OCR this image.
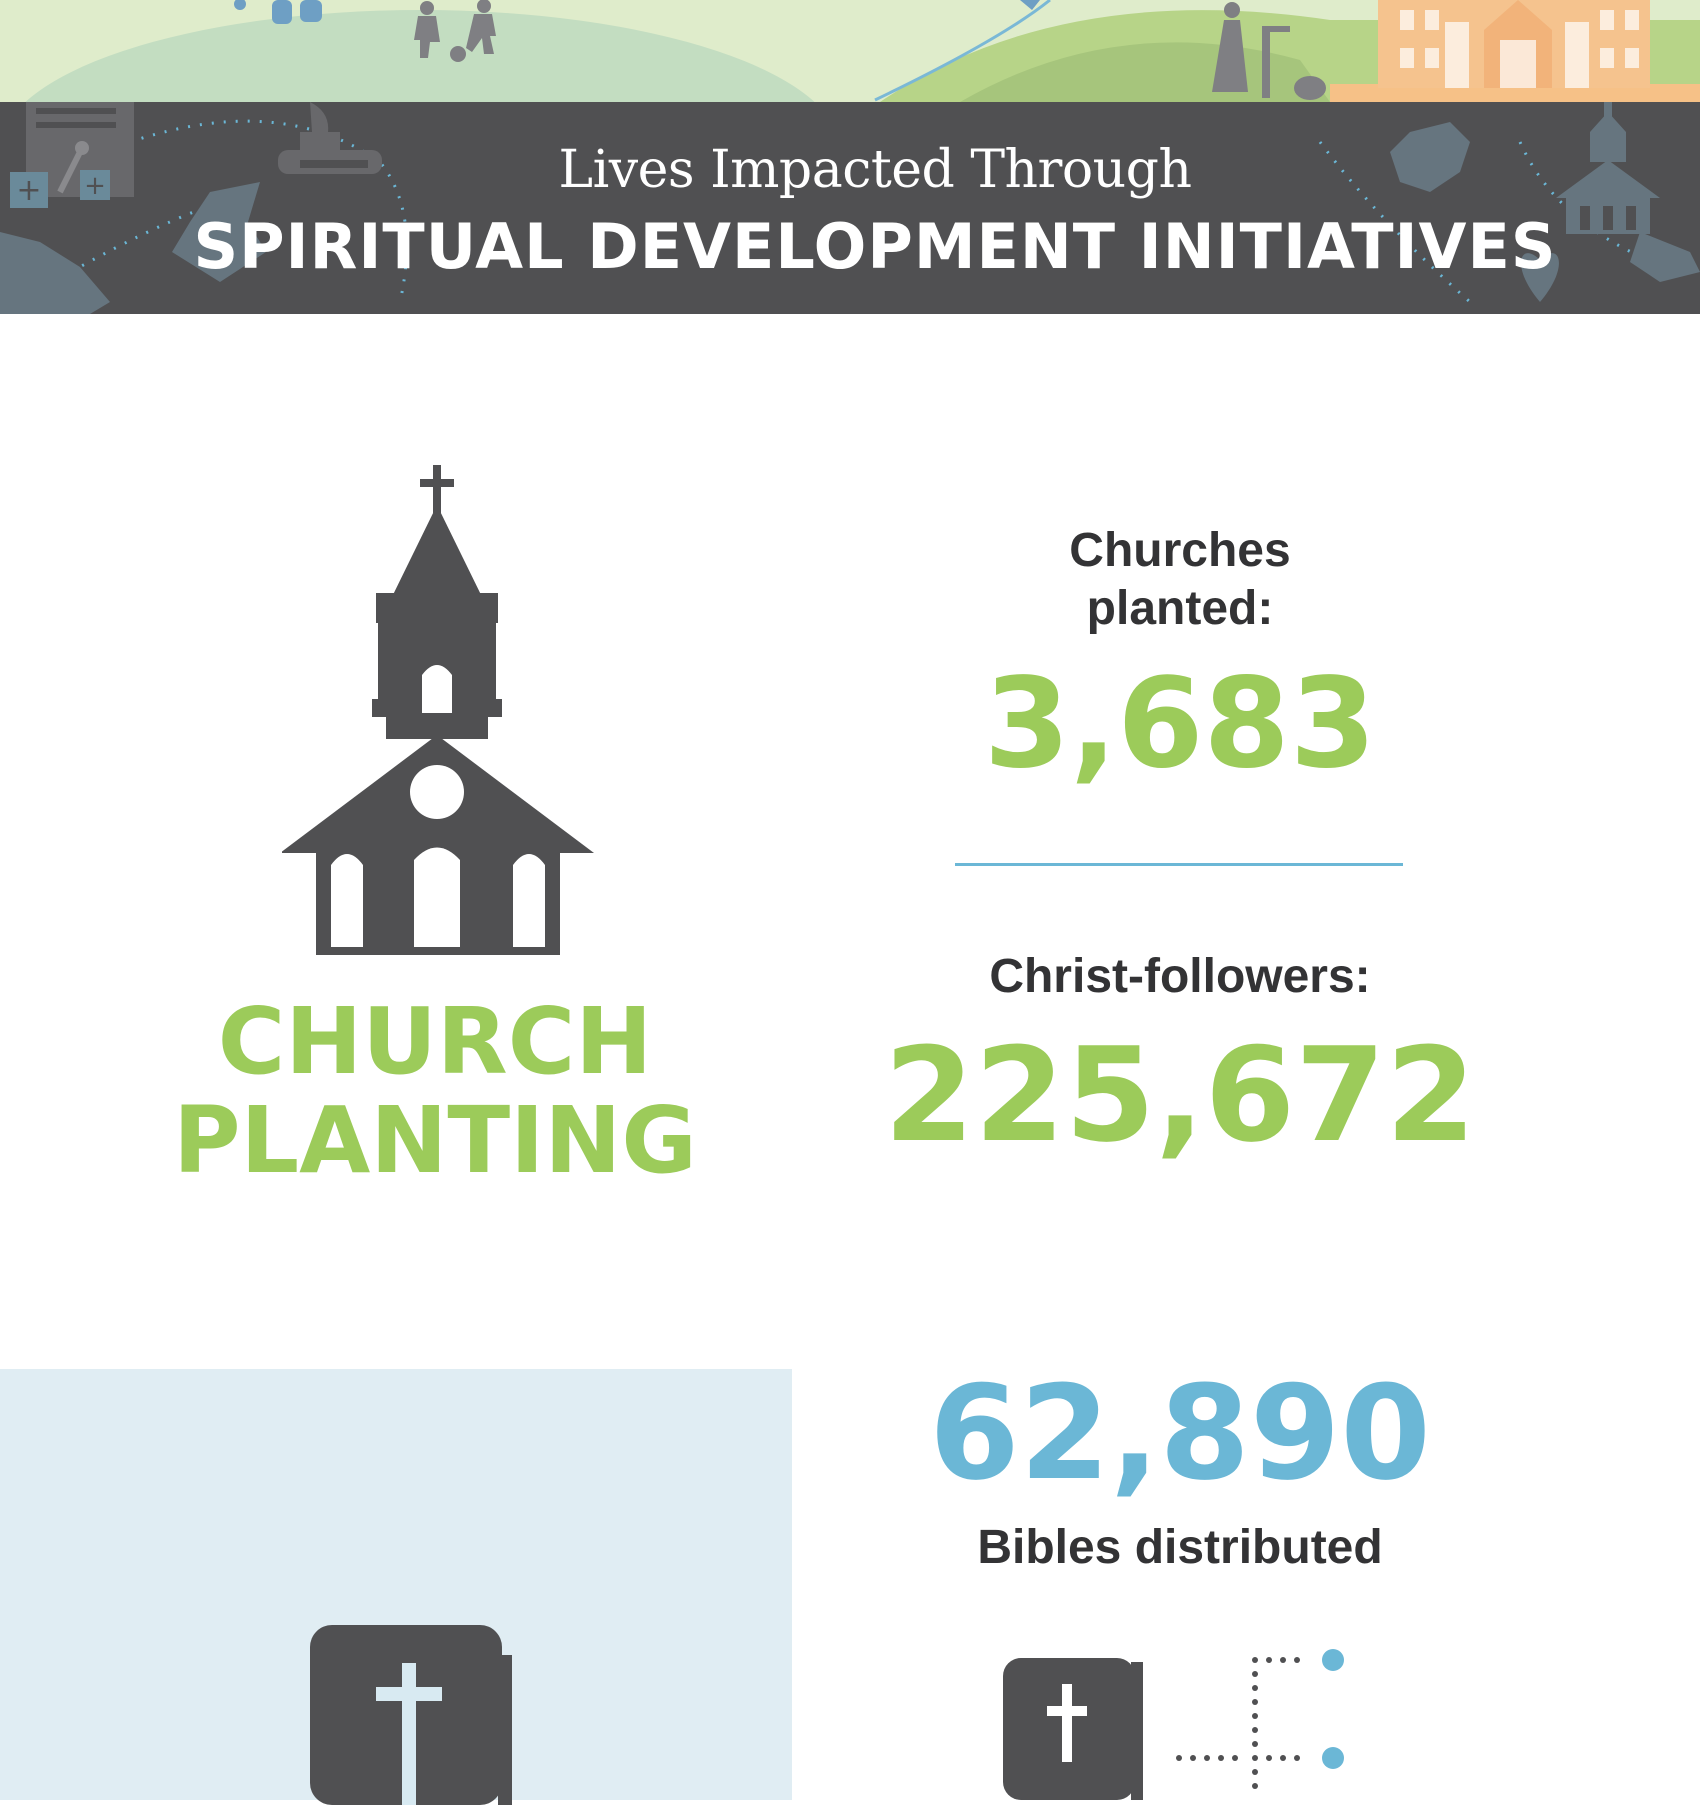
+ +	Lives Impacted Through
SPIRITUAL DEVELOPMENT INITIATIVES
CHURCH
PLANTING
Churches
planted:
3,683
Christ-followers:
225,672
62,890
Bibles distributed
